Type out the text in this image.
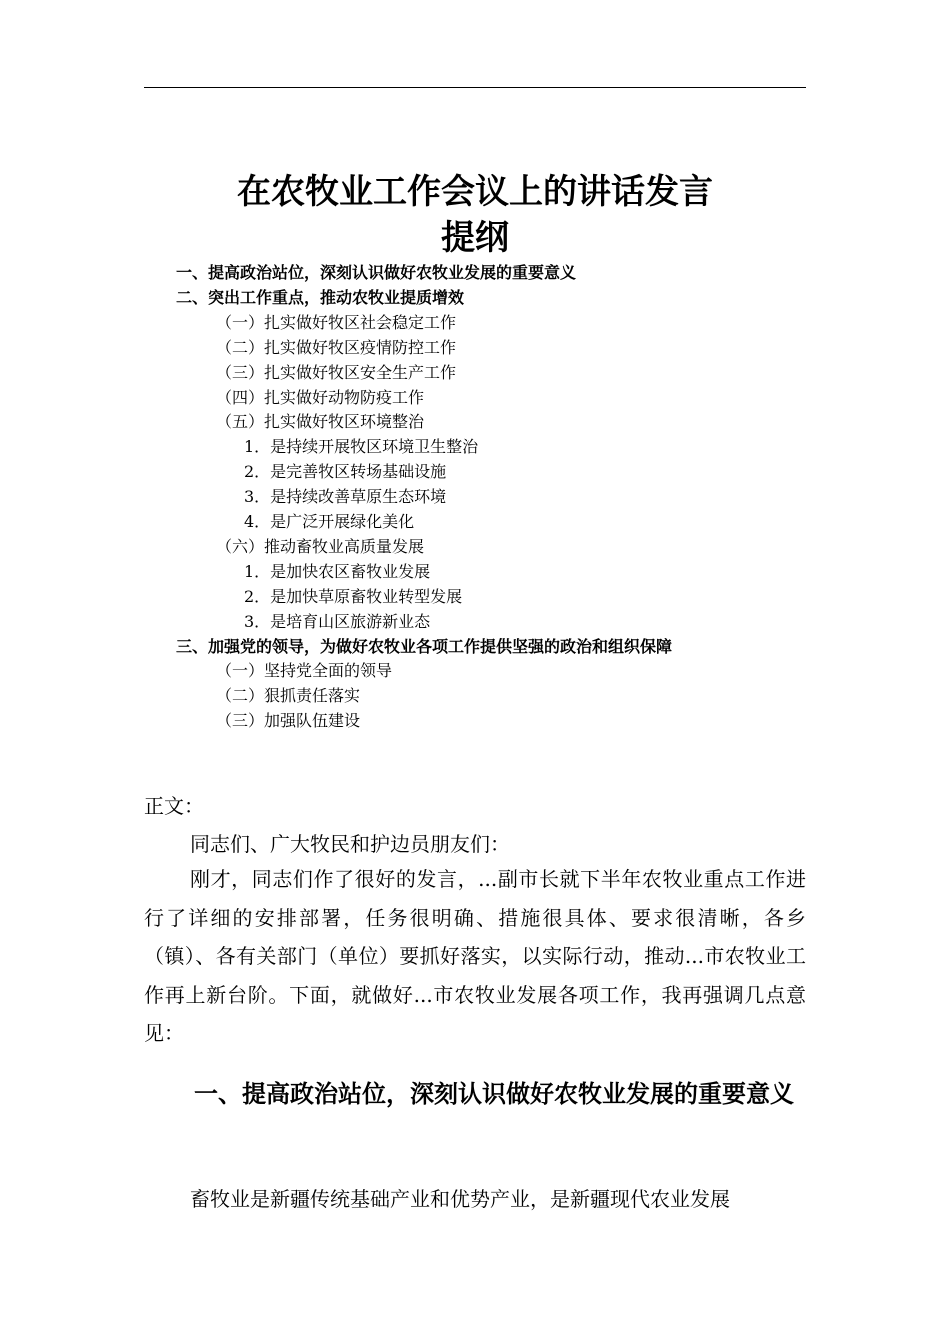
在农牧业工作会议上的讲话发言
提纲
一、提高政治站位，深刻认识做好农牧业发展的重要意义
二、突出工作重点，推动农牧业提质增效
（一）扎实做好牧区社会稳定工作
（二）扎实做好牧区疫情防控工作
（三）扎实做好牧区安全生产工作
（四）扎实做好动物防疫工作
（五）扎实做好牧区环境整治
1．是持续开展牧区环境卫生整治
2．是完善牧区转场基础设施
3．是持续改善草原生态环境
4．是广泛开展绿化美化
（六）推动畜牧业高质量发展
1．是加快农区畜牧业发展
2．是加快草原畜牧业转型发展
3．是培育山区旅游新业态
三、加强党的领导，为做好农牧业各项工作提供坚强的政治和组织保障
（一）坚持党全面的领导
（二）狠抓责任落实
（三）加强队伍建设
正文：
同志们、广大牧民和护边员朋友们：

刚才，同志们作了很好的发言，...副市长就下半年农牧业重点工作进行了详细的安排部署，任务很明确、措施很具体、要求很清晰，各乡（镇）、各有关部门（单位）要抓好落实，以实际行动，推动...市农牧业工作再上新台阶。下面，就做好...市农牧业发展各项工作，我再强调几点意见：

一、提高政治站位，深刻认识做好农牧业发展的重要意义

畜牧业是新疆传统基础产业和优势产业，是新疆现代农业发展
